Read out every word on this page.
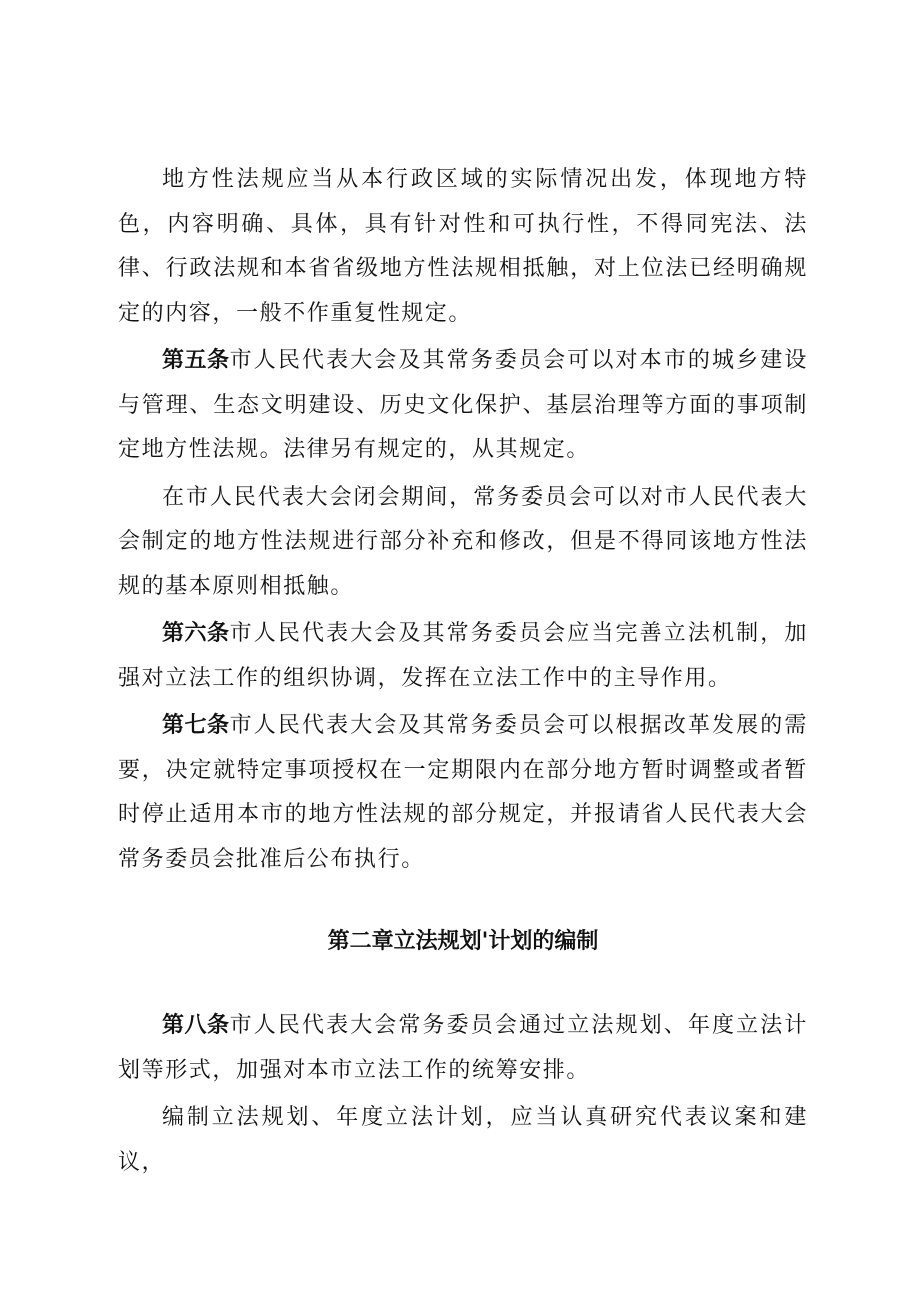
地方性法规应当从本行政区域的实际情况出发，体现地方特色，内容明确、具体，具有针对性和可执行性，不得同宪法、法律、行政法规和本省省级地方性法规相抵触，对上位法已经明确规定的内容，一般不作重复性规定。

第五条市人民代表大会及其常务委员会可以对本市的城乡建设与管理、生态文明建设、历史文化保护、基层治理等方面的事项制定地方性法规。法律另有规定的，从其规定。

在市人民代表大会闭会期间，常务委员会可以对市人民代表大会制定的地方性法规进行部分补充和修改，但是不得同该地方性法规的基本原则相抵触。

第六条市人民代表大会及其常务委员会应当完善立法机制，加强对立法工作的组织协调，发挥在立法工作中的主导作用。

第七条市人民代表大会及其常务委员会可以根据改革发展的需要，决定就特定事项授权在一定期限内在部分地方暂时调整或者暂时停止适用本市的地方性法规的部分规定，并报请省人民代表大会常务委员会批准后公布执行。

第二章立法规划'计划的编制

第八条市人民代表大会常务委员会通过立法规划、年度立法计划等形式，加强对本市立法工作的统筹安排。

编制立法规划、年度立法计划，应当认真研究代表议案和建议，
